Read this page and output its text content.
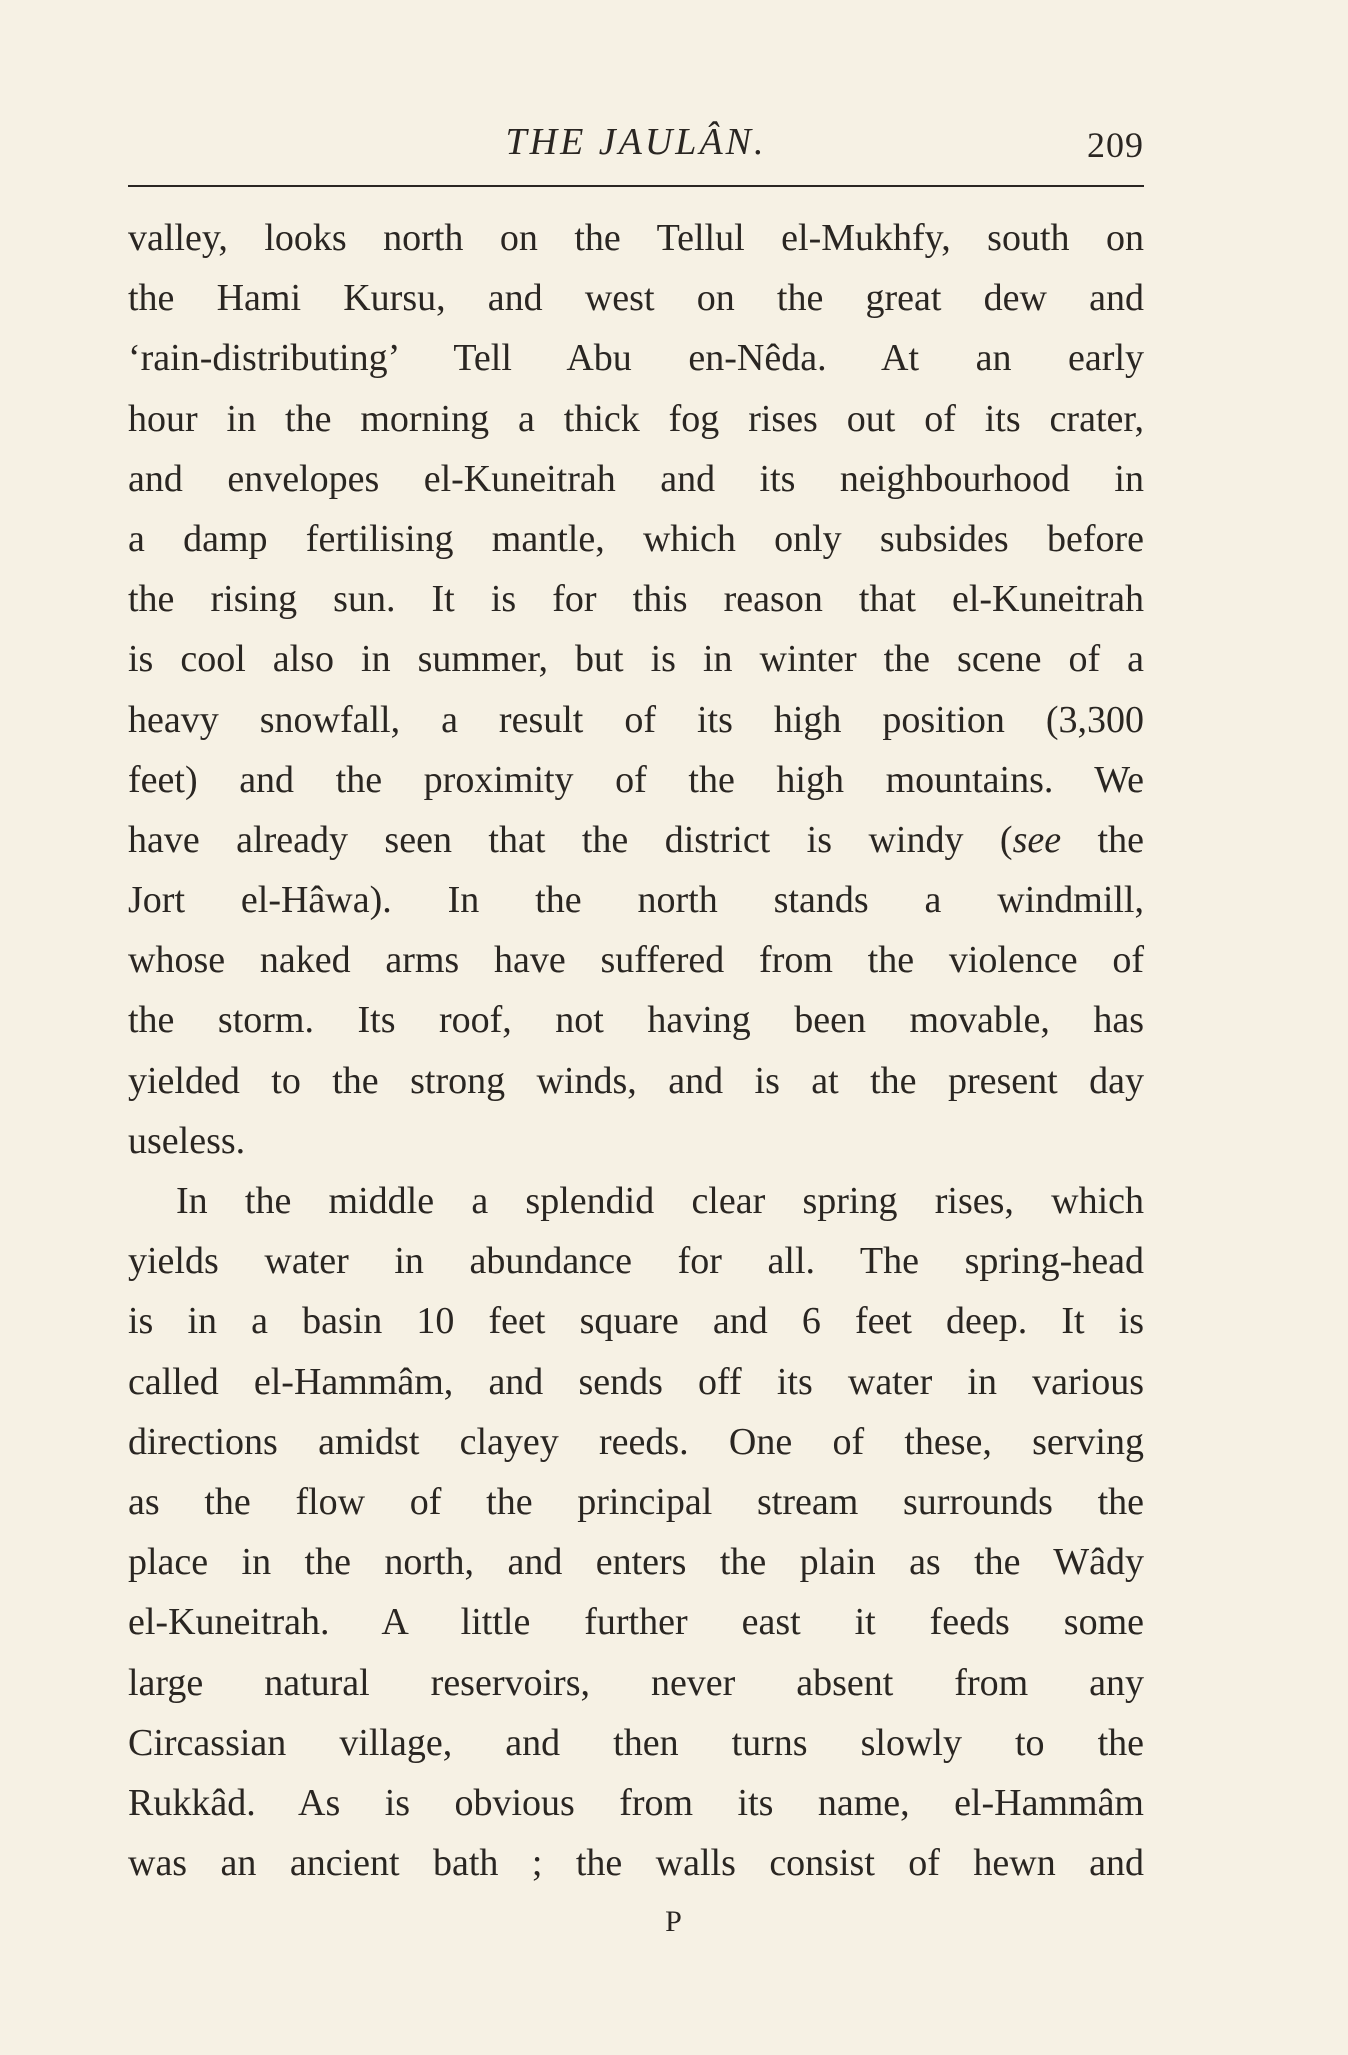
THE JAULÂN.	209
valley, looks north on the Tellul el-Mukhfy, south on
the Hami Kursu, and west on the great dew and
‘rain-distributing’ Tell Abu en-Nêda. At an early
hour in the morning a thick fog rises out of its crater,
and envelopes el-Kuneitrah and its neighbourhood in
a damp fertilising mantle, which only subsides before
the rising sun. It is for this reason that el-Kuneitrah
is cool also in summer, but is in winter the scene of a
heavy snowfall, a result of its high position (3,300
feet) and the proximity of the high mountains. We
have already seen that the district is windy (see the
Jort el-Hâwa). In the north stands a windmill,
whose naked arms have suffered from the violence of
the storm. Its roof, not having been movable, has
yielded to the strong winds, and is at the present day
useless.
In the middle a splendid clear spring rises, which
yields water in abundance for all. The spring-head
is in a basin 10 feet square and 6 feet deep. It is
called el-Hammâm, and sends off its water in various
directions amidst clayey reeds. One of these, serving
as the flow of the principal stream surrounds the
place in the north, and enters the plain as the Wâdy
el-Kuneitrah. A little further east it feeds some
large natural reservoirs, never absent from any
Circassian village, and then turns slowly to the
Rukkâd. As is obvious from its name, el-Hammâm
was an ancient bath ; the walls consist of hewn and
P
